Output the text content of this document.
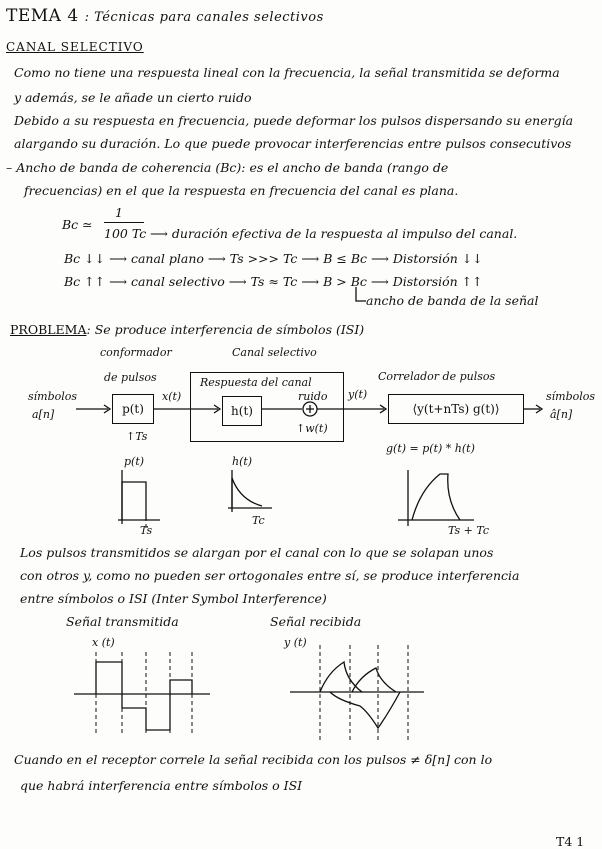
TEMA 4 : Técnicas para canales selectivos
CANAL SELECTIVO
Como no tiene una respuesta lineal con la frecuencia, la señal transmitida se deforma
y además, se le añade un cierto ruido
Debido a su respuesta en frecuencia, puede deformar los pulsos dispersando su energía
alargando su duración. Lo que puede provocar interferencias entre pulsos consecutivos
– Ancho de banda de coherencia (Bc): es el ancho de banda (rango de
frecuencias) en el que la respuesta en frecuencia del canal es plana.
Bc ≃
1
100 Tc ⟶ duración efectiva de la respuesta al impulso del canal.
Bc ↓↓ ⟶ canal plano ⟶ Ts >>> Tc ⟶ B ≤ Bc ⟶ Distorsión ↓↓
Bc ↑↑ ⟶ canal selectivo ⟶ Ts ≈ Tc ⟶ B > Bc ⟶ Distorsión ↑↑
ancho de banda de la señal
PROBLEMA: Se produce interferencia de símbolos (ISI)
conformador
de pulsos
Canal selectivo
Correlador de pulsos
símbolos
a[n]
Respuesta del canal
p(t)
↑Ts
x(t)
h(t)
ruido
↑w(t)
y(t)
⟨y(t+nTs) g(t)⟩
símbolos
â[n]
p(t)
Ts
h(t)
Tc
g(t) = p(t) * h(t)
Ts + Tc
Los pulsos transmitidos se alargan por el canal con lo que se solapan unos
con otros y, como no pueden ser ortogonales entre sí, se produce interferencia
entre símbolos o ISI (Inter Symbol Interference)
Señal transmitida
x (t)
Señal recibida
y (t)
Cuando en el receptor correle la señal recibida con los pulsos ≠ δ[n] con lo
que habrá interferencia entre símbolos o ISI
T4 1
